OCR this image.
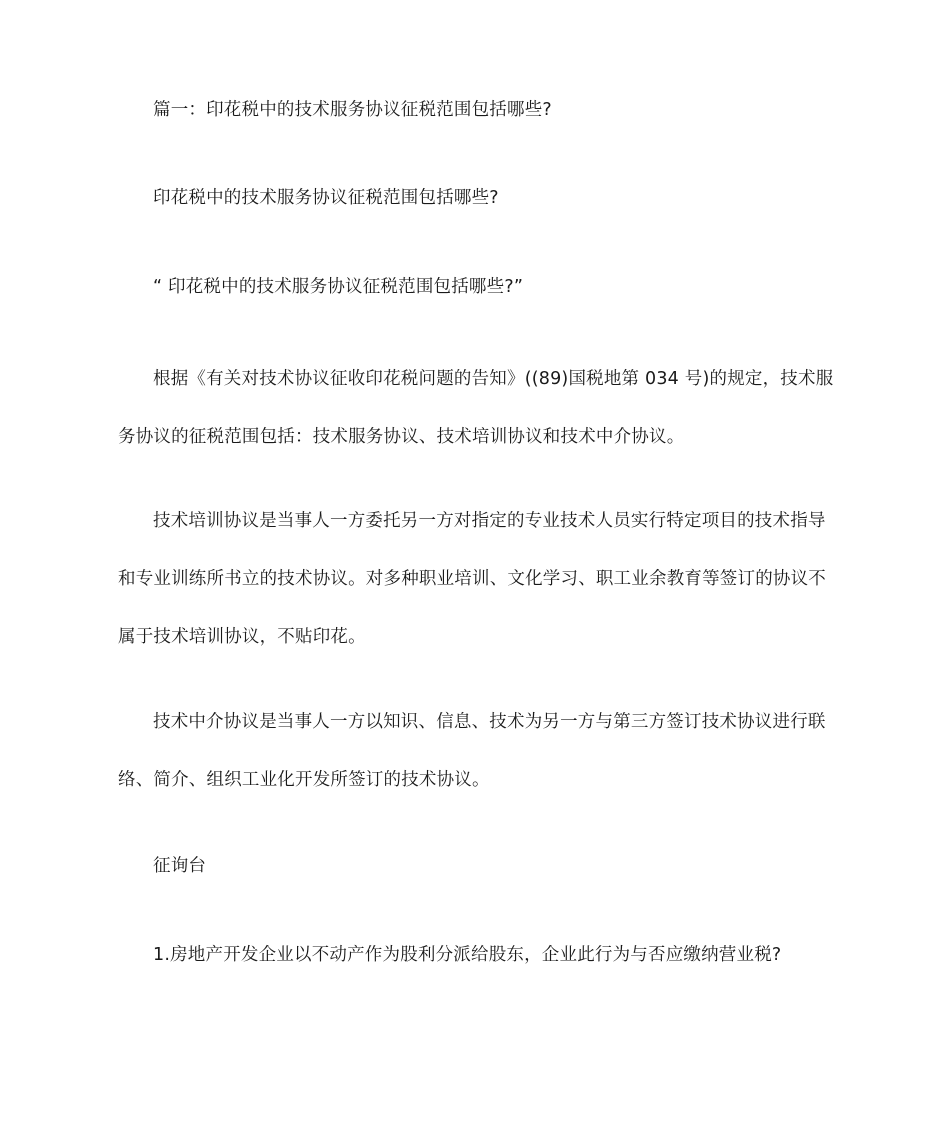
篇一：印花税中的技术服务协议征税范围包括哪些?

印花税中的技术服务协议征税范围包括哪些?

“ 印花税中的技术服务协议征税范围包括哪些?”

根据《有关对技术协议征收印花税问题的告知》((89)国税地第 034 号)的规定，技术服务协议的征税范围包括：技术服务协议、技术培训协议和技术中介协议。

技术培训协议是当事人一方委托另一方对指定的专业技术人员实行特定项目的技术指导和专业训练所书立的技术协议。对多种职业培训、文化学习、职工业余教育等签订的协议不属于技术培训协议，不贴印花。

技术中介协议是当事人一方以知识、信息、技术为另一方与第三方签订技术协议进行联络、简介、组织工业化开发所签订的技术协议。

征询台

1.房地产开发企业以不动产作为股利分派给股东，企业此行为与否应缴纳营业税?
